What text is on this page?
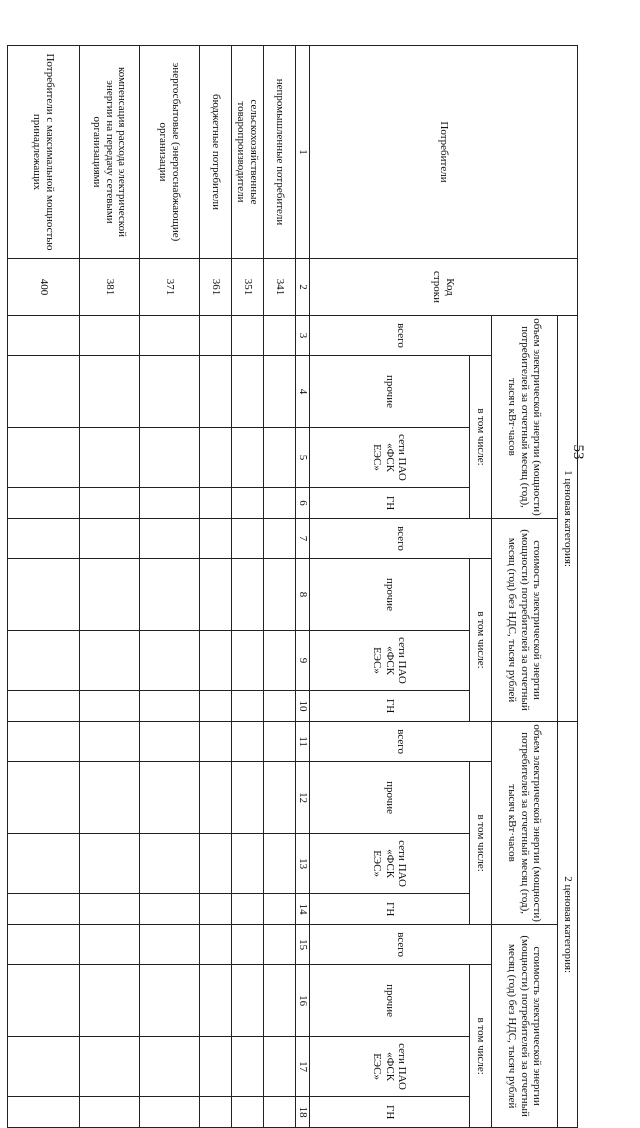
53
Потребители	Код строки	1 ценовая категория:								2 ценовая категория:							
		объем электрической энергии (мощности) потребителей за отчетный месяц (год), тысяч кВт·часов				стоимость электрической энергии (мощности) потребителей за отчетный месяц (год) без НДС, тысяч рублей				объем электрической энергии (мощности) потребителей за отчетный месяц (год), тысяч кВт·часов				стоимость электрической энергии (мощности) потребителей за отчетный месяц (год) без НДС, тысяч рублей			
		всего	в том числе:			всего	в том числе:			всего	в том числе:			всего	в том числе:		
			прочие	сети ПАО «ФСК ЕЭС»	ГН		прочие	сети ПАО «ФСК ЕЭС»	ГН		прочие	сети ПАО «ФСК ЕЭС»	ГН		прочие	сети ПАО «ФСК ЕЭС»	ГН
1	2	3	4	5	6	7	8	9	10	11	12	13	14	15	16	17	18
непромышленные потребители	341																
сельскохозяйственные товаропроизводители	351																
бюджетные потребители	361																
энергосбытовые (энергоснабжающие) организации	371																
компенсация расхода электрической энергии на передачу сетевыми организациями	381																
Потребители с максимальной мощностью принадлежащих	400																
